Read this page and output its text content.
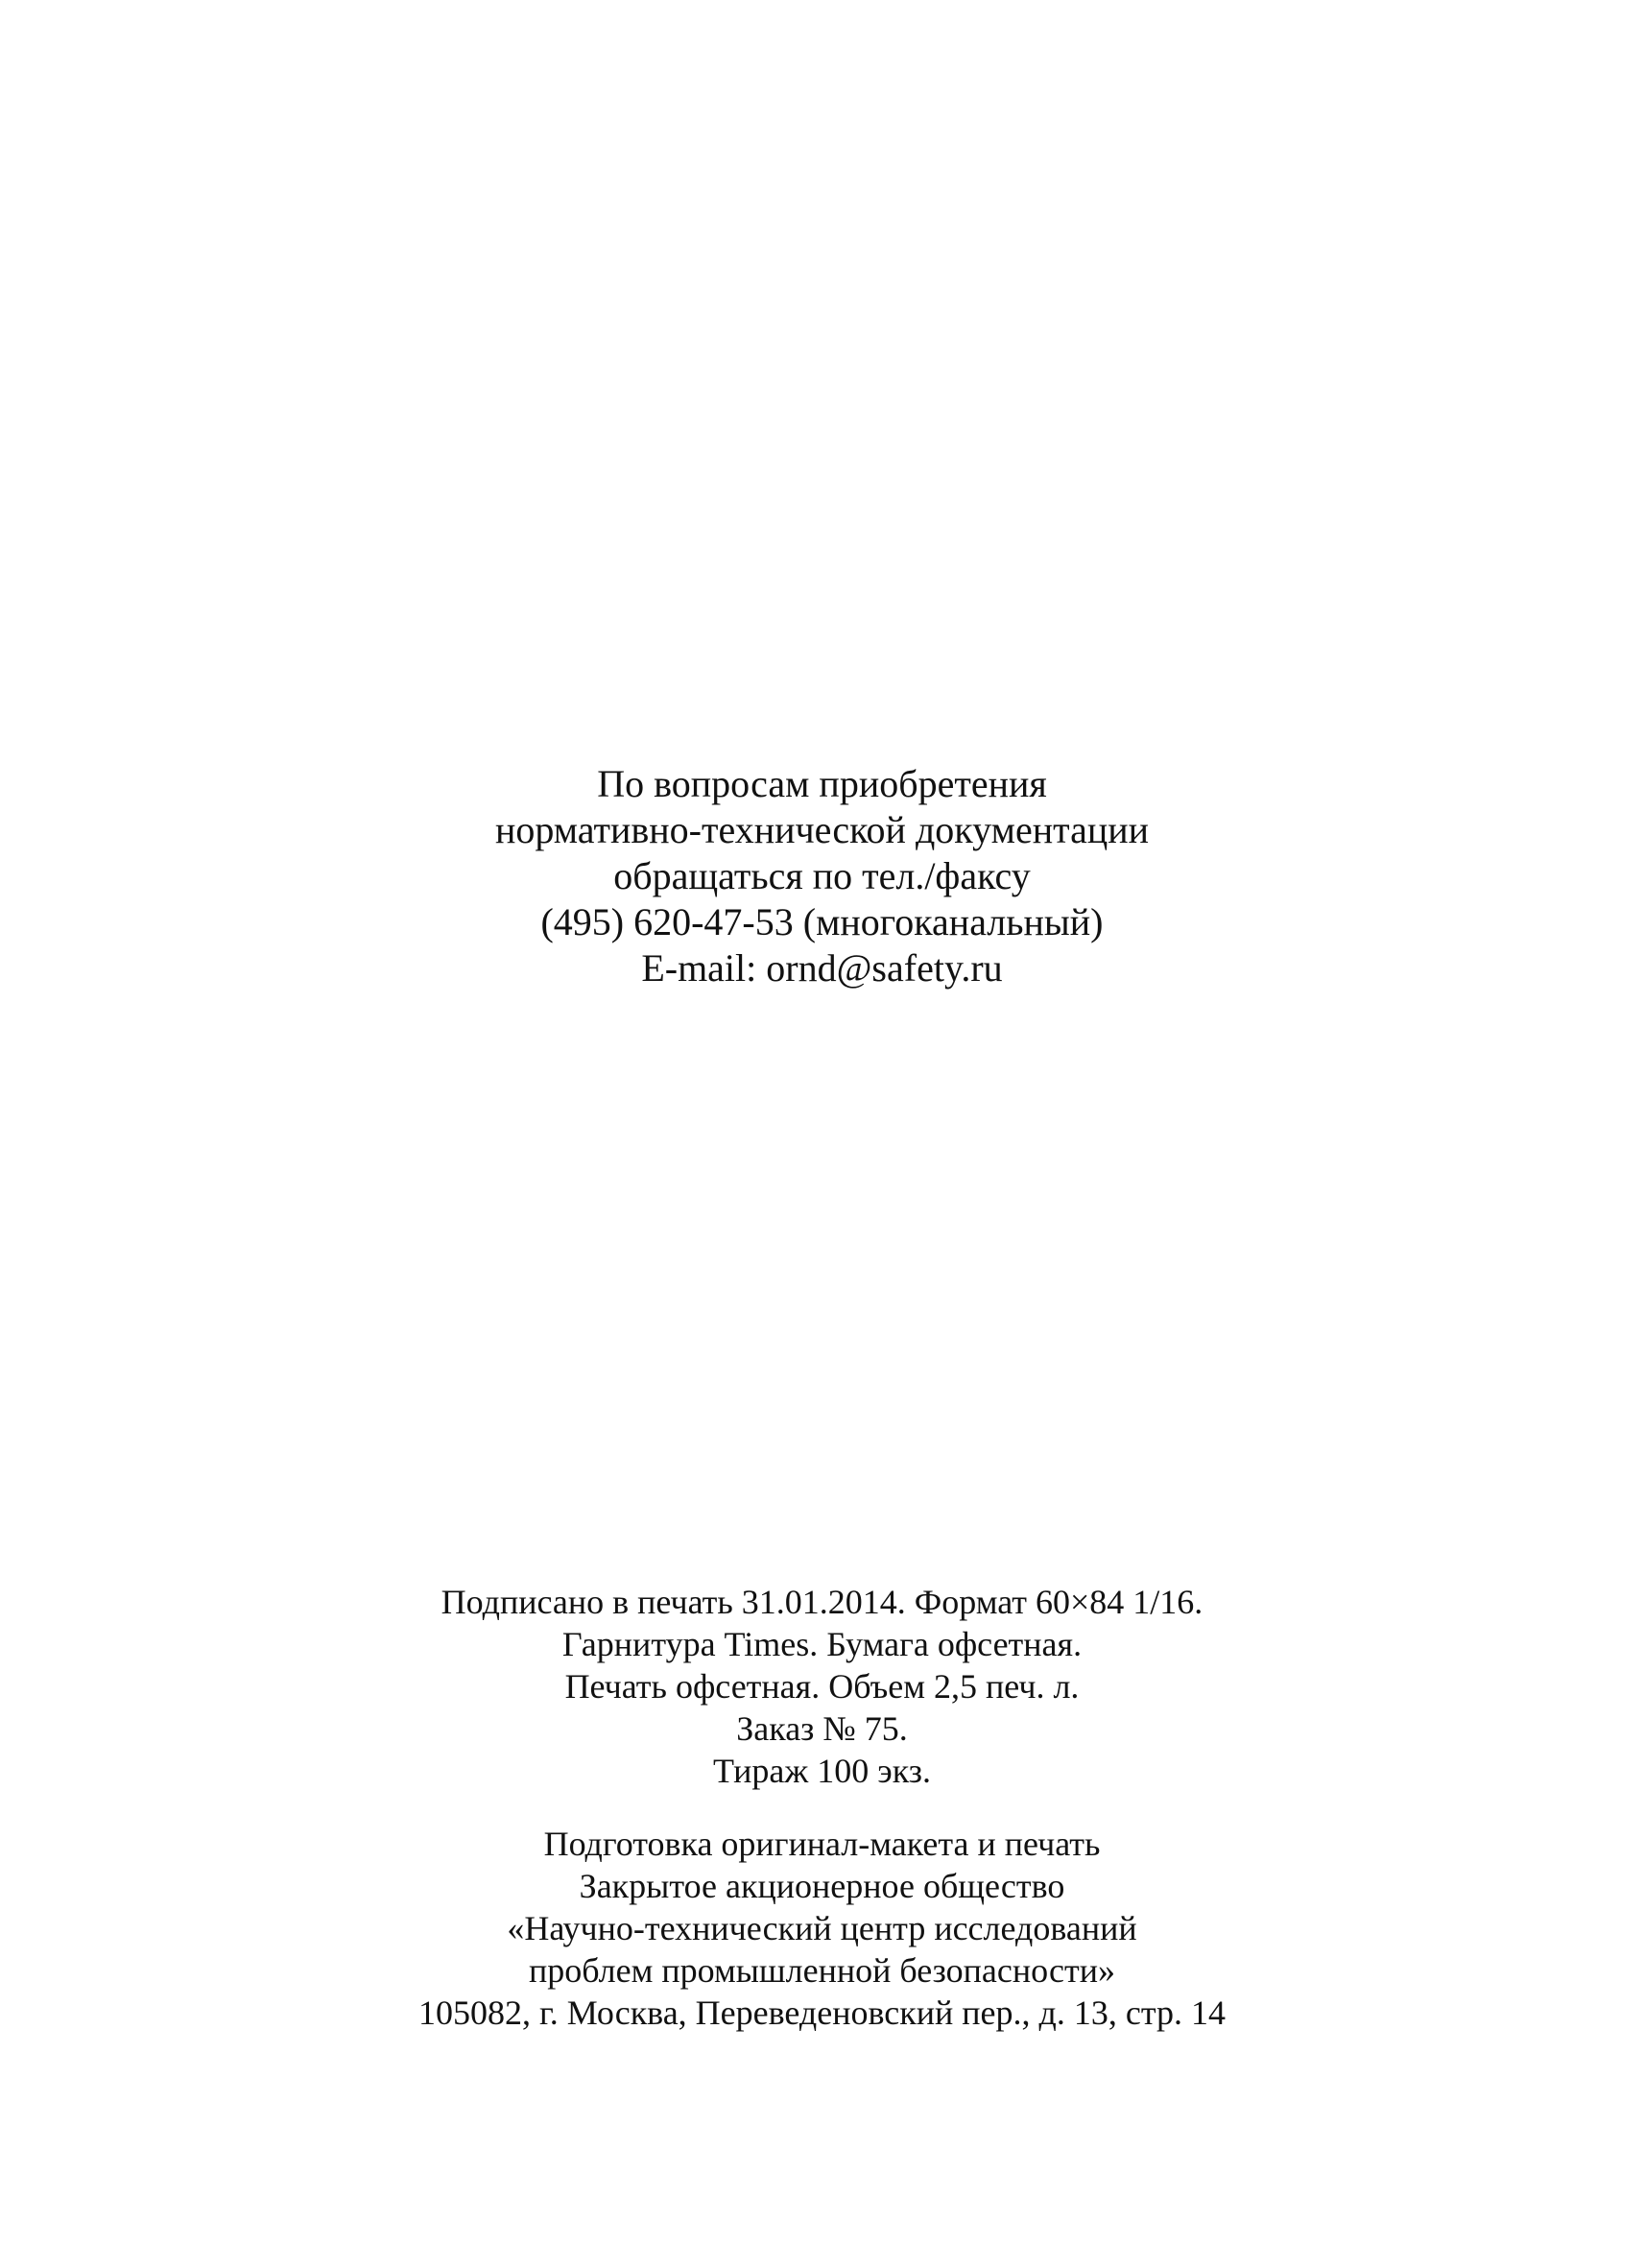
По вопросам приобретения
нормативно-технической документации
обращаться по тел./факсу
(495) 620-47-53 (многоканальный)
E-mail: ornd@safety.ru
Подписано в печать 31.01.2014. Формат 60×84 1/16.
Гарнитура Times. Бумага офсетная.
Печать офсетная. Объем 2,5 печ. л.
Заказ № 75.
Тираж 100 экз.
Подготовка оригинал-макета и печать
Закрытое акционерное общество
«Научно-технический центр исследований
проблем промышленной безопасности»
105082, г. Москва, Переведеновский пер., д. 13, стр. 14
